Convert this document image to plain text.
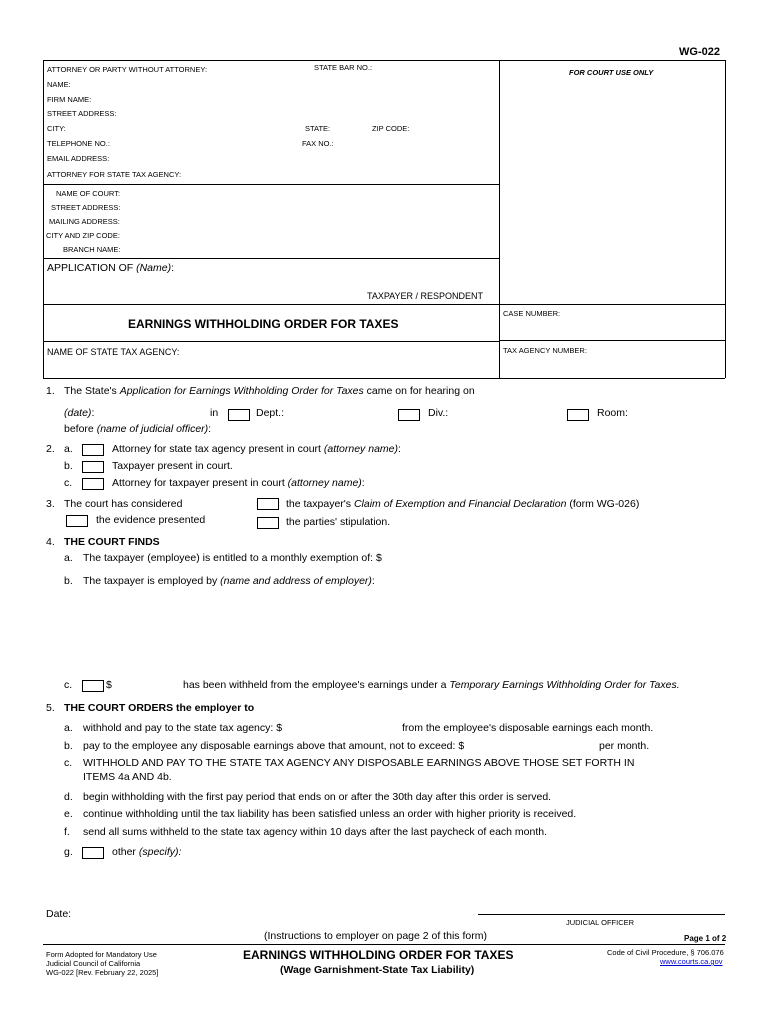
WG-022
ATTORNEY OR PARTY WITHOUT ATTORNEY:	STATE BAR NO.:
FOR COURT USE ONLY
NAME:
FIRM NAME:
STREET ADDRESS:
CITY:	STATE:	ZIP CODE:
TELEPHONE NO.:	FAX NO.:
EMAIL ADDRESS:
ATTORNEY FOR STATE TAX AGENCY:
NAME OF COURT:
STREET ADDRESS:
MAILING ADDRESS:
CITY AND ZIP CODE:
BRANCH NAME:
APPLICATION OF (Name):
TAXPAYER / RESPONDENT
CASE NUMBER:
EARNINGS WITHHOLDING ORDER FOR TAXES
TAX AGENCY NUMBER:
NAME OF STATE TAX AGENCY:
1. The State's Application for Earnings Withholding Order for Taxes came on for hearing on
(date):	in	Dept.:	Div.:	Room:
before (name of judicial officer):
2. a.	Attorney for state tax agency present in court (attorney name):
b.	Taxpayer present in court.
c.	Attorney for taxpayer present in court (attorney name):
3. The court has considered	the taxpayer's Claim of Exemption and Financial Declaration (form WG-026)
the evidence presented	the parties' stipulation.
4. THE COURT FINDS
a. The taxpayer (employee) is entitled to a monthly exemption of: $
b. The taxpayer is employed by (name and address of employer):
c.	$	has been withheld from the employee's earnings under a Temporary Earnings Withholding Order for Taxes.
5. THE COURT ORDERS the employer to
a. withhold and pay to the state tax agency: $	from the employee's disposable earnings each month.
b. pay to the employee any disposable earnings above that amount, not to exceed: $	per month.
c. WITHHOLD AND PAY TO THE STATE TAX AGENCY ANY DISPOSABLE EARNINGS ABOVE THOSE SET FORTH IN
ITEMS 4a AND 4b.
d. begin withholding with the first pay period that ends on or after the 30th day after this order is served.
e. continue withholding until the tax liability has been satisfied unless an order with higher priority is received.
f. send all sums withheld to the state tax agency within 10 days after the last paycheck of each month.
g.	other (specify):
Date:
JUDICIAL OFFICER
(Instructions to employer on page 2 of this form)	Page 1 of 2
Form Adopted for Mandatory Use
Judicial Council of California
WG-022 [Rev. February 22, 2025]
EARNINGS WITHHOLDING ORDER FOR TAXES
(Wage Garnishment-State Tax Liability)
Code of Civil Procedure, § 706.076
www.courts.ca.gov
